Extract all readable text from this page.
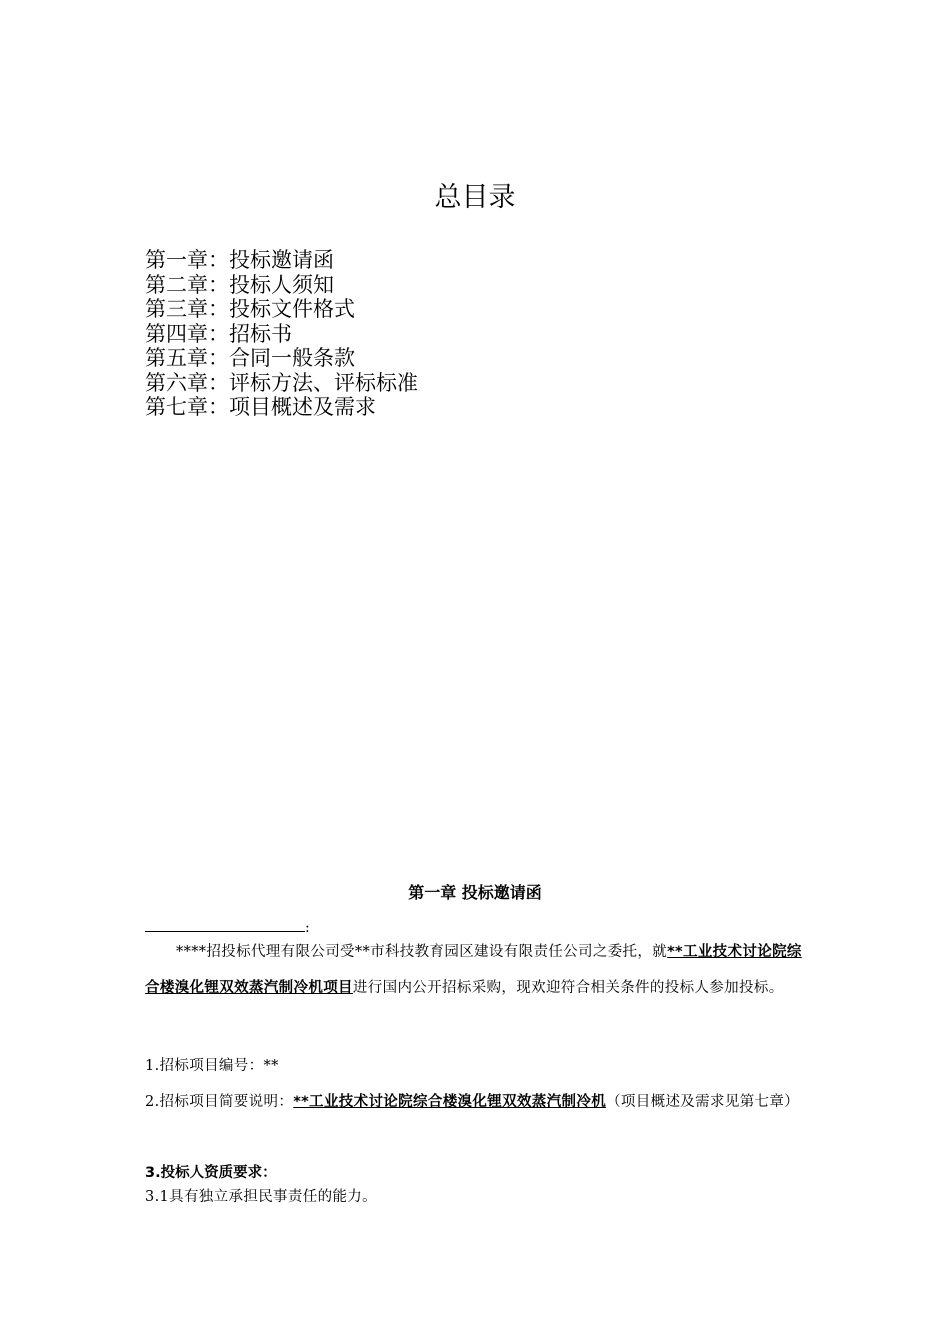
总目录
第一章：投标邀请函
第二章：投标人须知
第三章：投标文件格式
第四章：招标书
第五章：合同一般条款
第六章：评标方法、评标标准
第七章：项目概述及需求
第一章 投标邀请函
:
****招投标代理有限公司受**市科技教育园区建设有限责任公司之委托，就**工业技术讨论院综合楼溴化锂双效蒸汽制冷机项目进行国内公开招标采购，现欢迎符合相关条件的投标人参加投标。
1.招标项目编号：**
2.招标项目简要说明：**工业技术讨论院综合楼溴化锂双效蒸汽制冷机（项目概述及需求见第七章）
3.投标人资质要求：
3.1具有独立承担民事责任的能力。
